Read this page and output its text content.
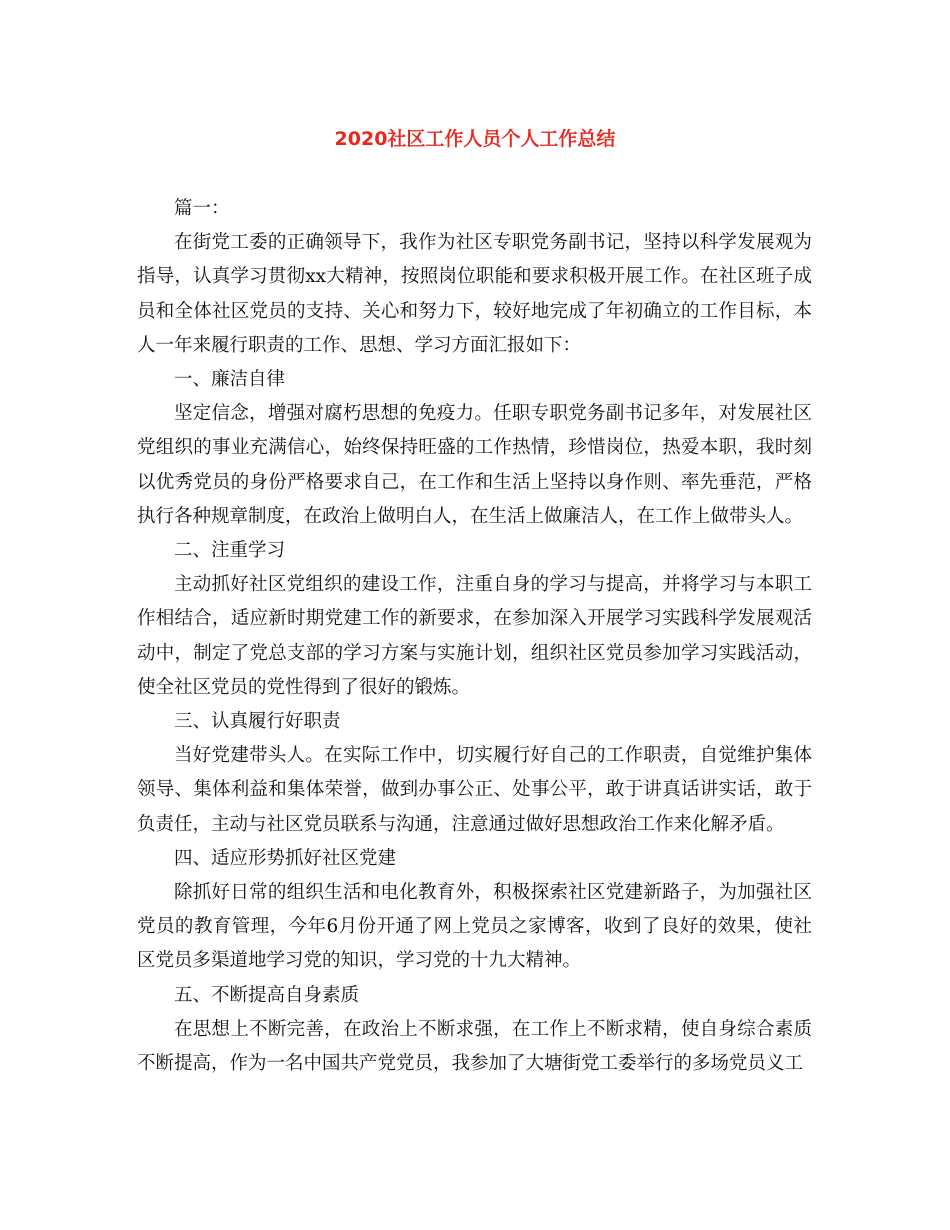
2020社区工作人员个人工作总结

篇一：

在街党工委的正确领导下，我作为社区专职党务副书记，坚持以科学发展观为指导，认真学习贯彻xx大精神，按照岗位职能和要求积极开展工作。在社区班子成员和全体社区党员的支持、关心和努力下，较好地完成了年初确立的工作目标，本人一年来履行职责的工作、思想、学习方面汇报如下：

一、廉洁自律

坚定信念，增强对腐朽思想的免疫力。任职专职党务副书记多年，对发展社区党组织的事业充满信心，始终保持旺盛的工作热情，珍惜岗位，热爱本职，我时刻以优秀党员的身份严格要求自己，在工作和生活上坚持以身作则、率先垂范，严格执行各种规章制度，在政治上做明白人，在生活上做廉洁人，在工作上做带头人。

二、注重学习

主动抓好社区党组织的建设工作，注重自身的学习与提高，并将学习与本职工作相结合，适应新时期党建工作的新要求，在参加深入开展学习实践科学发展观活动中，制定了党总支部的学习方案与实施计划，组织社区党员参加学习实践活动，使全社区党员的党性得到了很好的锻炼。

三、认真履行好职责

当好党建带头人。在实际工作中，切实履行好自己的工作职责，自觉维护集体领导、集体利益和集体荣誉，做到办事公正、处事公平，敢于讲真话讲实话，敢于负责任，主动与社区党员联系与沟通，注意通过做好思想政治工作来化解矛盾。

四、适应形势抓好社区党建

除抓好日常的组织生活和电化教育外，积极探索社区党建新路子，为加强社区党员的教育管理，今年6月份开通了网上党员之家博客，收到了良好的效果，使社区党员多渠道地学习党的知识，学习党的十九大精神。

五、不断提高自身素质

在思想上不断完善，在政治上不断求强，在工作上不断求精，使自身综合素质不断提高，作为一名中国共产党党员，我参加了大塘街党工委举行的多场党员义工
